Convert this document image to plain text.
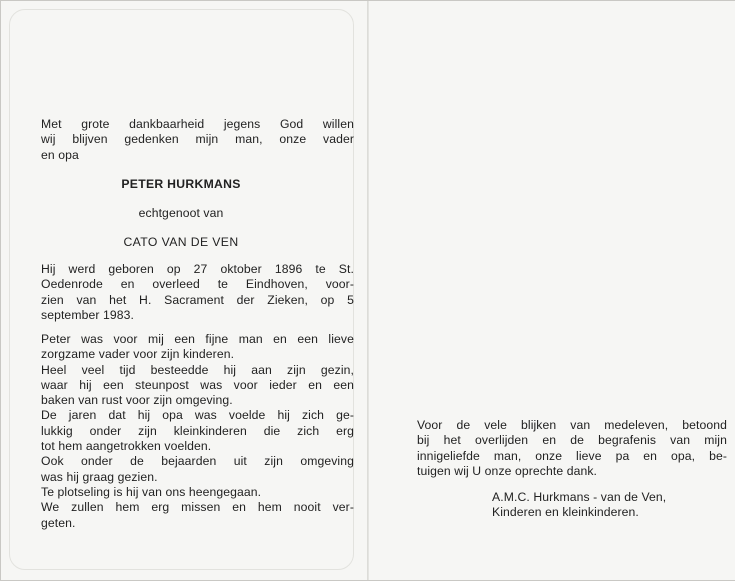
Met grote dankbaarheid jegens God willen
wij blijven gedenken mijn man, onze vader
en opa
PETER HURKMANS
echtgenoot van
CATO VAN DE VEN
Hij werd geboren op 27 oktober 1896 te St.
Oedenrode en overleed te Eindhoven, voor-
zien van het H. Sacrament der Zieken, op 5
september 1983.
Peter was voor mij een fijne man en een lieve
zorgzame vader voor zijn kinderen.
Heel veel tijd besteedde hij aan zijn gezin,
waar hij een steunpost was voor ieder en een
baken van rust voor zijn omgeving.
De jaren dat hij opa was voelde hij zich ge-
lukkig onder zijn kleinkinderen die zich erg
tot hem aangetrokken voelden.
Ook onder de bejaarden uit zijn omgeving
was hij graag gezien.
Te plotseling is hij van ons heengegaan.
We zullen hem erg missen en hem nooit ver-
geten.
Voor de vele blijken van medeleven, betoond
bij het overlijden en de begrafenis van mijn
innigeliefde man, onze lieve pa en opa, be-
tuigen wij U onze oprechte dank.
A.M.C. Hurkmans - van de Ven,
Kinderen en kleinkinderen.
